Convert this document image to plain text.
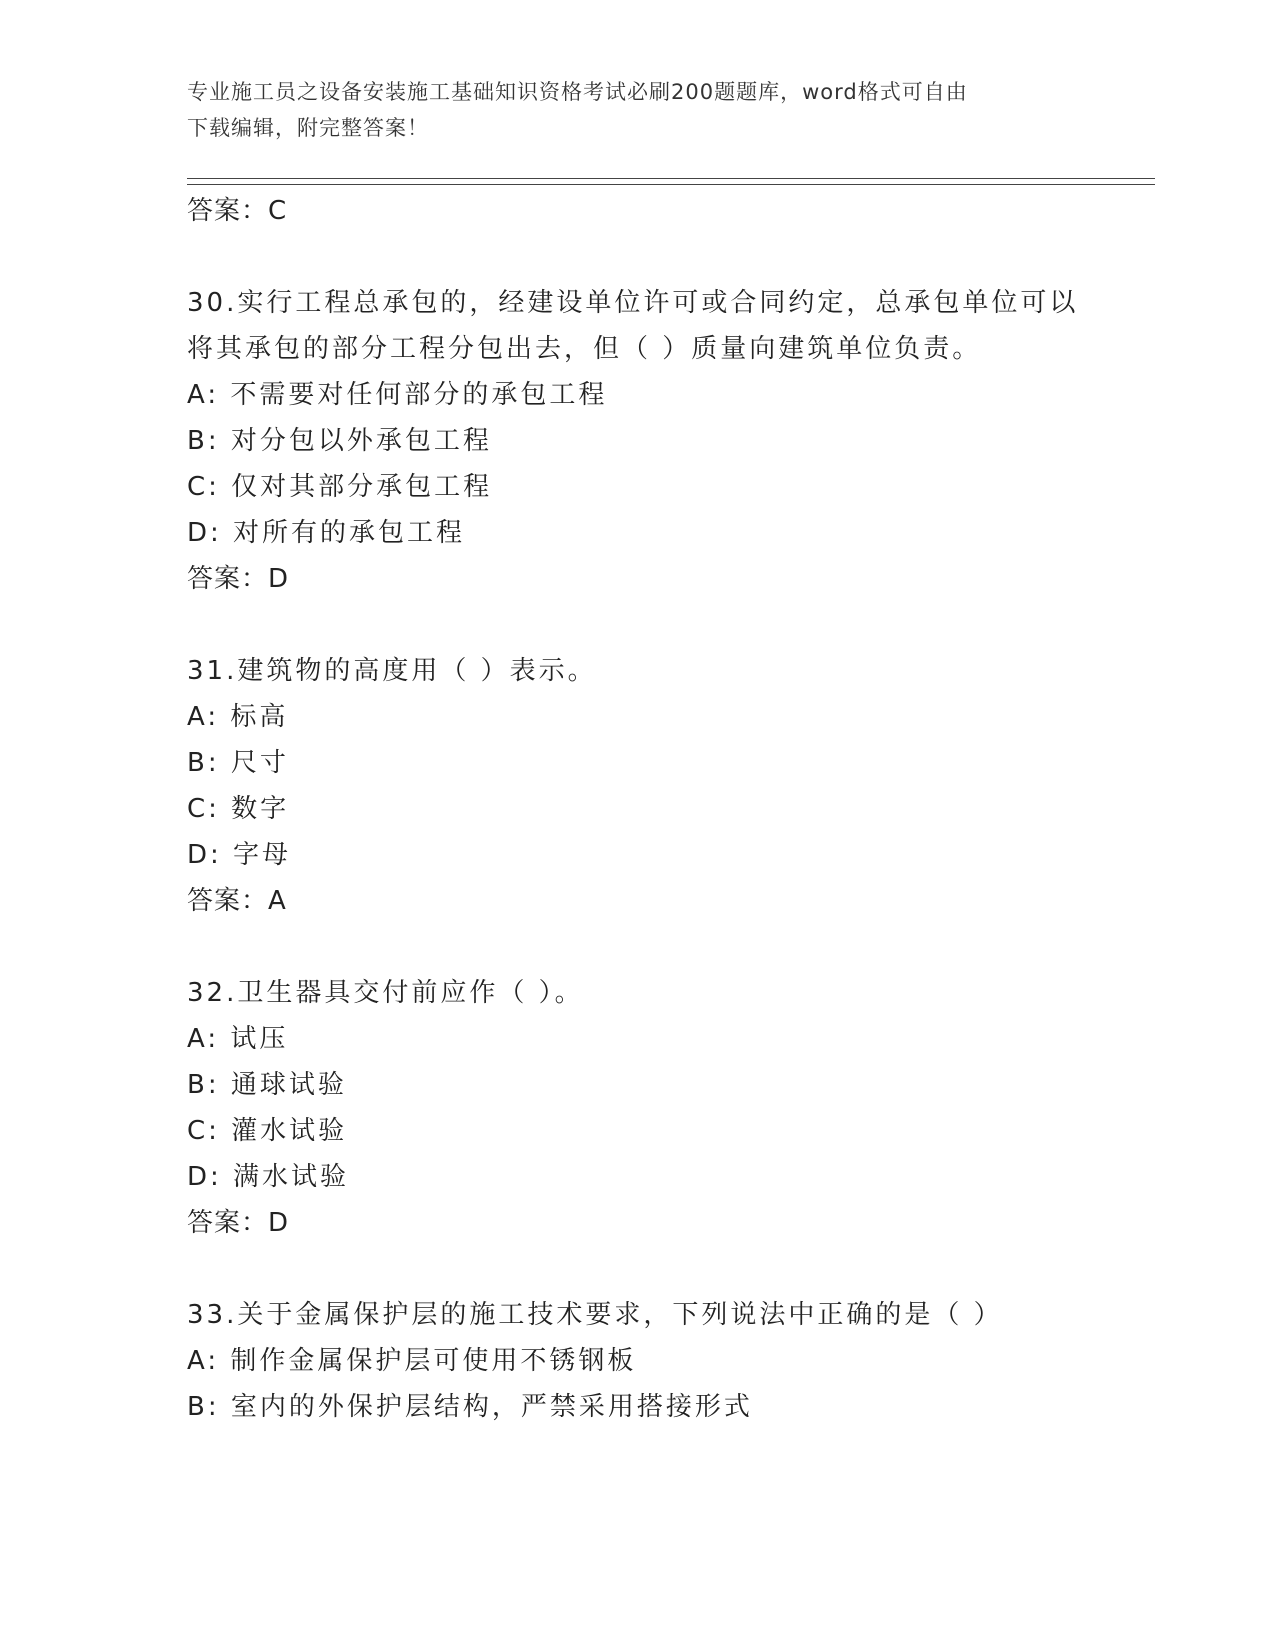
专业施工员之设备安装施工基础知识资格考试必刷200题题库，word格式可自由
下载编辑，附完整答案！
答案：C
30.实行工程总承包的，经建设单位许可或合同约定，总承包单位可以
将其承包的部分工程分包出去，但（ ）质量向建筑单位负责。
A: 不需要对任何部分的承包工程
B: 对分包以外承包工程
C: 仅对其部分承包工程
D: 对所有的承包工程
答案：D
31.建筑物的高度用（ ）表示。
A: 标高
B: 尺寸
C: 数字
D: 字母
答案：A
32.卫生器具交付前应作（ ）。
A: 试压
B: 通球试验
C: 灌水试验
D: 满水试验
答案：D
33.关于金属保护层的施工技术要求，下列说法中正确的是（ ）
A: 制作金属保护层可使用不锈钢板
B: 室内的外保护层结构，严禁采用搭接形式
